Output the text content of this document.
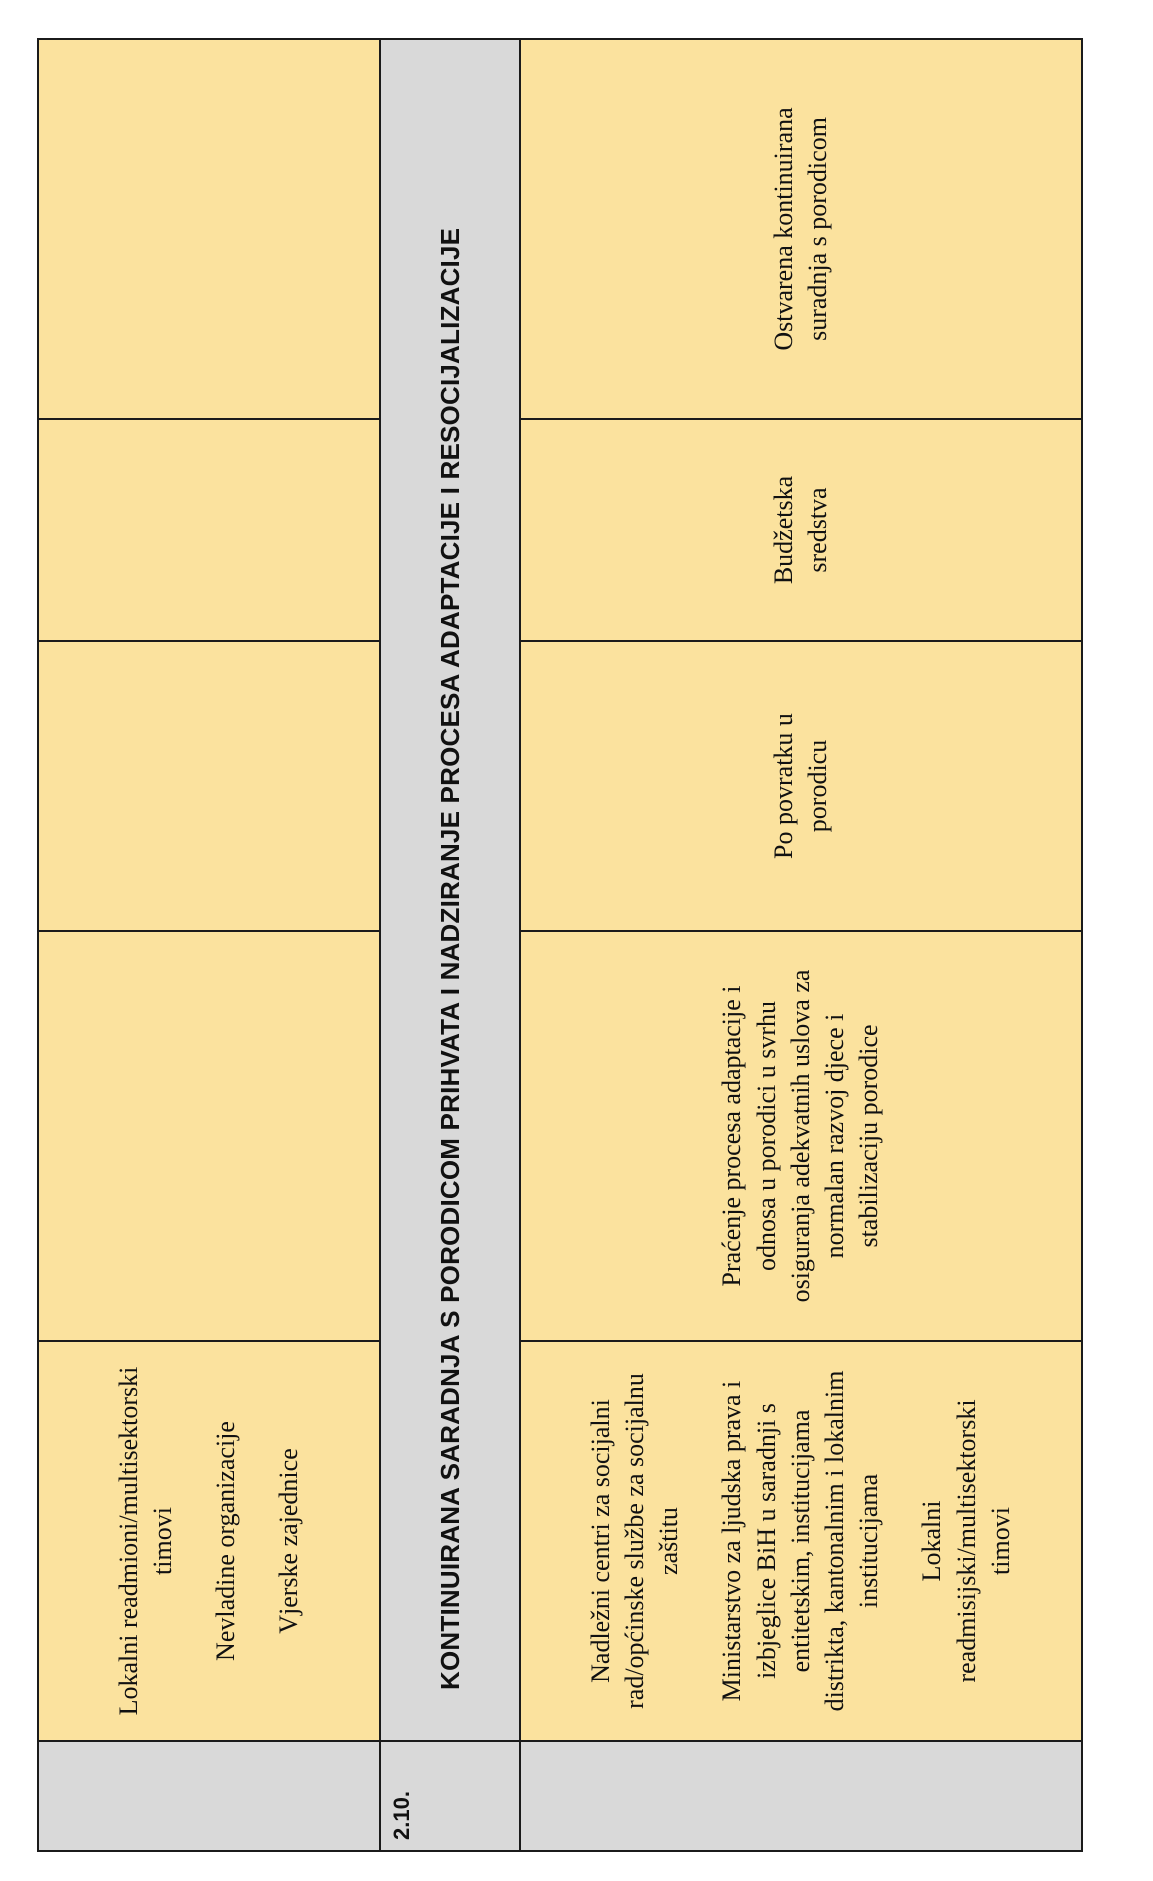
	Lokalni readmioni/multisektorski timovi Nevladine organizacije Vjerske zajednice				

2.10.	KONTINUIRANA SARADNJA S PORODICOM PRIHVATA I NADZIRANJE PROCESA ADAPTACIJE I RESOCIJALIZACIJE				

	Nadležni centri za socijalni rad/općinske službe za socijalnu zaštitu Ministarstvo za ljudska prava i izbjeglice BiH u saradnji s entitetskim, institucijama distrikta, kantonalnim i lokalnim institucijama Lokalni readmisijski/multisektorski timovi	Praćenje procesa adaptacije i odnosa u porodici u svrhu osiguranja adekvatnih uslova za normalan razvoj djece i stabilizaciju porodice	Po povratku u porodicu	Budžetska sredstva	Ostvarena kontinuirana suradnja s porodicom
